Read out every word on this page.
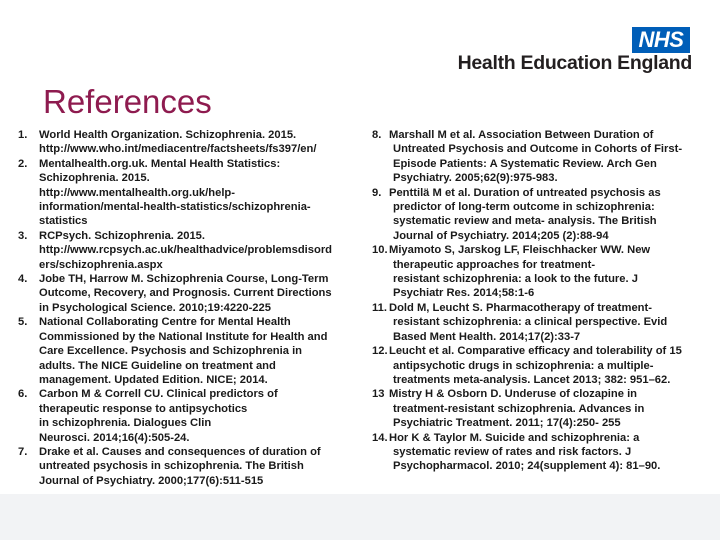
NHS
Health Education England
References
1.	World Health Organization. Schizophrenia. 2015.
http://www.who.int/mediacentre/factsheets/fs397/en/
2.	Mentalhealth.org.uk. Mental Health Statistics:
Schizophrenia. 2015.
http://www.mentalhealth.org.uk/help-
information/mental-health-statistics/schizophrenia-
statistics
3.	RCPsych. Schizophrenia. 2015.
http://www.rcpsych.ac.uk/healthadvice/problemsdisord
ers/schizophrenia.aspx
4.	Jobe TH, Harrow M. Schizophrenia Course, Long-Term
Outcome, Recovery, and Prognosis. Current Directions
in Psychological Science. 2010;19:4220-225
5.	National Collaborating Centre for Mental Health
Commissioned by the National Institute for Health and
Care Excellence. Psychosis and Schizophrenia in
adults. The NICE Guideline on treatment and
management. Updated Edition. NICE; 2014.
6.	Carbon M & Correll CU. Clinical predictors of
therapeutic response to antipsychotics
in schizophrenia. Dialogues Clin
Neurosci. 2014;16(4):505-24.
7.	Drake et al. Causes and consequences of duration of
untreated psychosis in schizophrenia. The British
Journal of Psychiatry. 2000;177(6):511-515
8. Marshall M et al. Association Between Duration of
Untreated Psychosis and Outcome in Cohorts of First-
Episode Patients: A Systematic Review. Arch Gen
Psychiatry. 2005;62(9):975-983.
9. Penttilä M et al. Duration of untreated psychosis as
predictor of long-term outcome in schizophrenia:
systematic review and meta- analysis. The British
Journal of Psychiatry. 2014;205 (2):88-94
10. Miyamoto S, Jarskog LF, Fleischhacker WW. New
therapeutic approaches for treatment-
resistant schizophrenia: a look to the future. J
Psychiatr Res. 2014;58:1-6
11. Dold M, Leucht S. Pharmacotherapy of treatment-
resistant schizophrenia: a clinical perspective. Evid
Based Ment Health. 2014;17(2):33-7
12. Leucht et al. Comparative efficacy and tolerability of 15
antipsychotic drugs in schizophrenia: a multiple-
treatments meta-analysis. Lancet 2013; 382: 951–62.
13 Mistry H & Osborn D. Underuse of clozapine in
treatment-resistant schizophrenia. Advances in
Psychiatric Treatment. 2011; 17(4):250- 255
14. Hor K & Taylor M. Suicide and schizophrenia: a
systematic review of rates and risk factors. J
Psychopharmacol. 2010; 24(supplement 4): 81–90.
